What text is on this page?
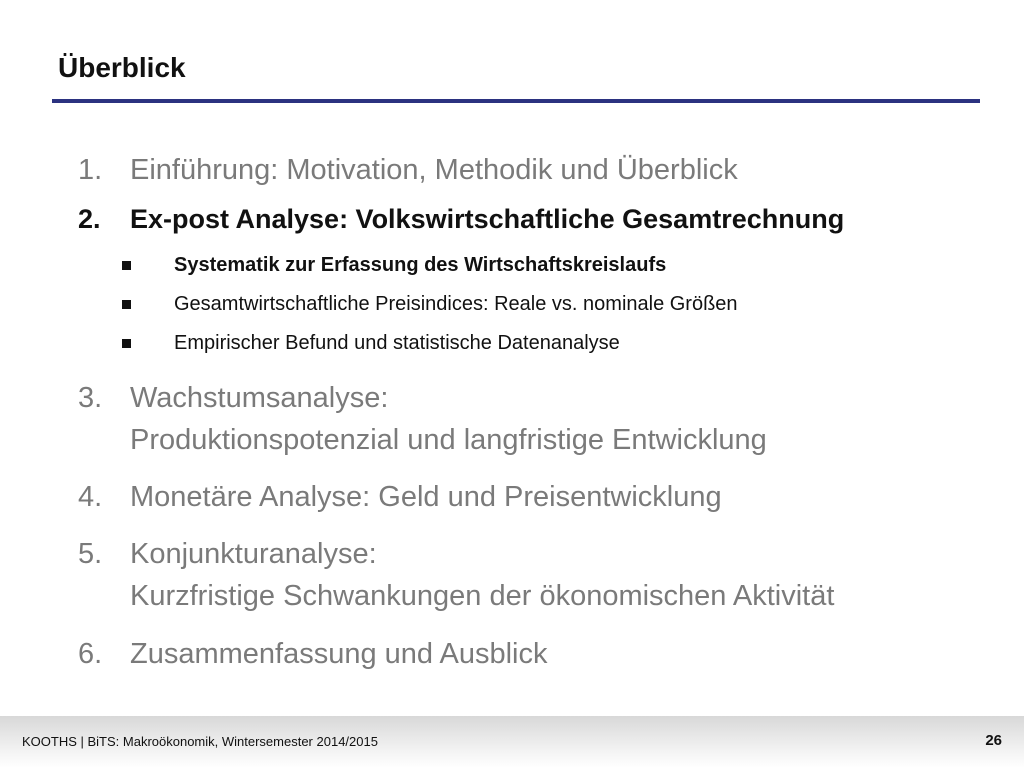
Überblick
1. Einführung: Motivation, Methodik und Überblick
2. Ex-post Analyse: Volkswirtschaftliche Gesamtrechnung
Systematik zur Erfassung des Wirtschaftskreislaufs
Gesamtwirtschaftliche Preisindices: Reale vs. nominale Größen
Empirischer Befund und statistische Datenanalyse
3. Wachstumsanalyse:
Produktionspotenzial und langfristige Entwicklung
4. Monetäre Analyse: Geld und Preisentwicklung
5. Konjunkturanalyse:
Kurzfristige Schwankungen der ökonomischen Aktivität
6. Zusammenfassung und Ausblick
KOOTHS | BiTS: Makroökonomik, Wintersemester 2014/2015	26
